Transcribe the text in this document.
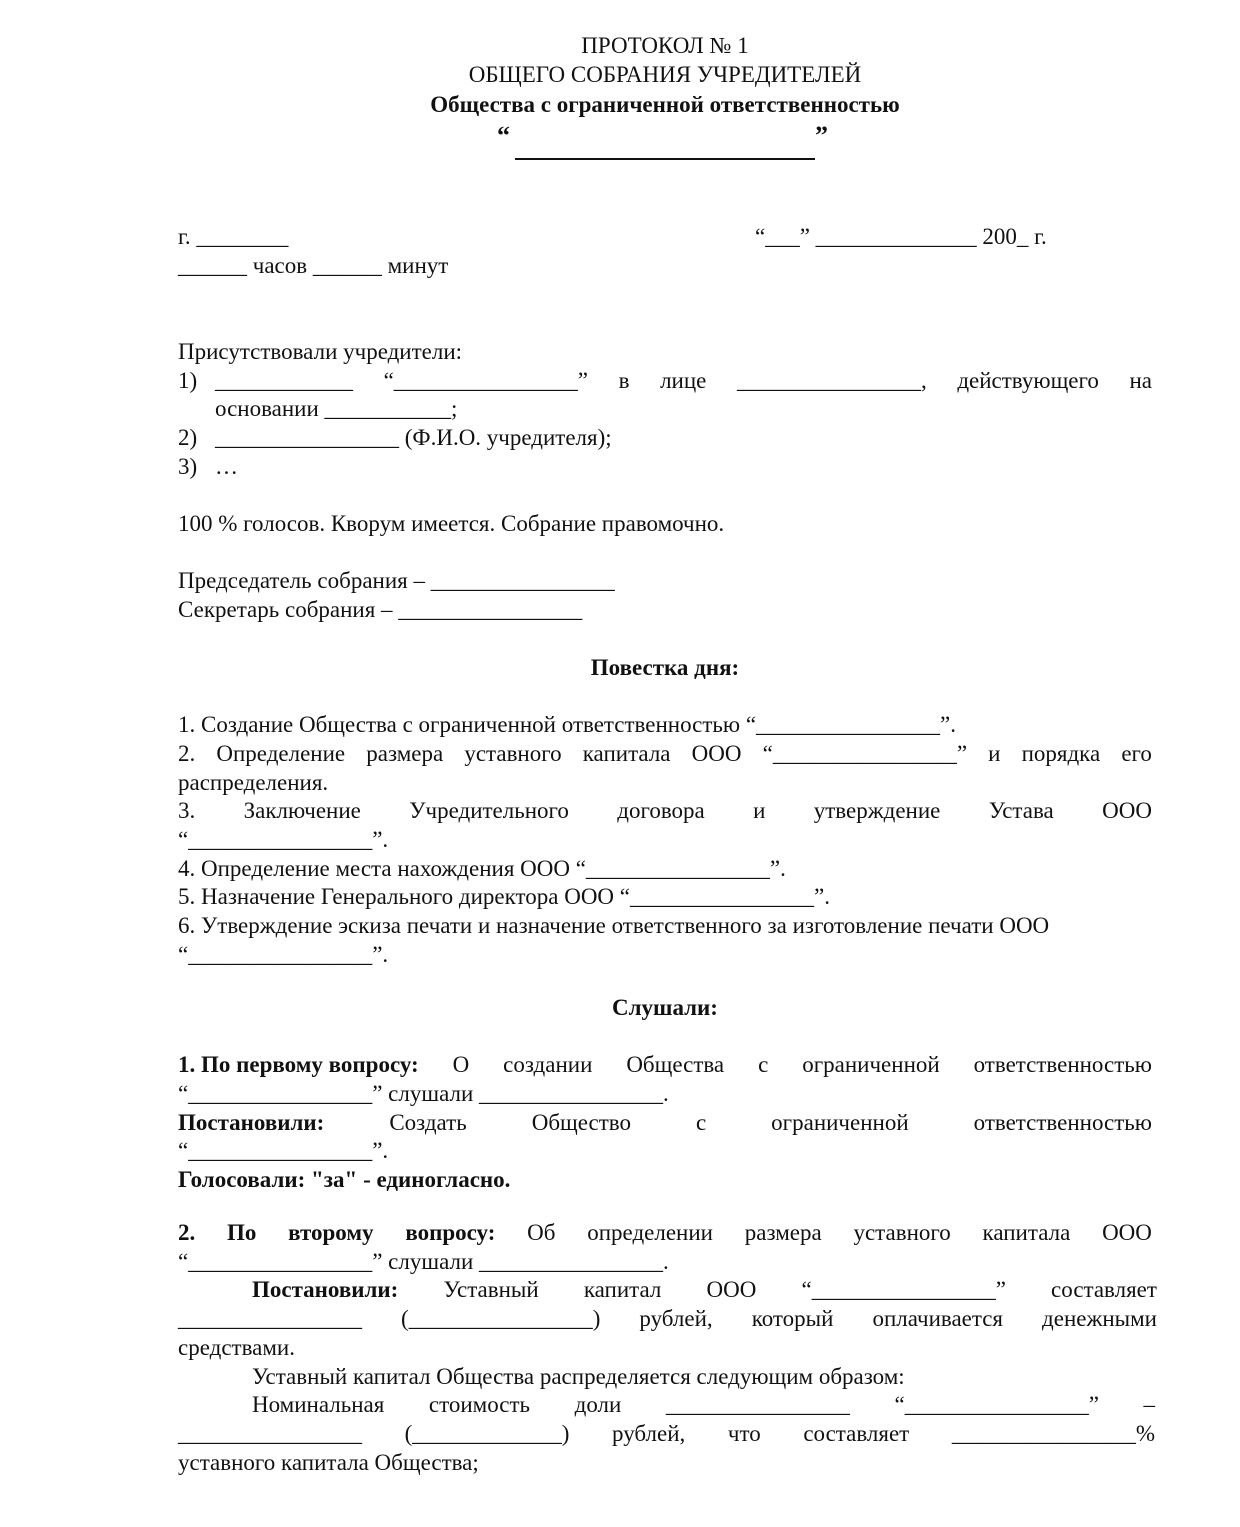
ПРОТОКОЛ № 1
ОБЩЕГО СОБРАНИЯ УЧРЕДИТЕЛЕЙ
Общества с ограниченной ответственностью
“	”
г. ________	“___” ______________ 200_ г.
______ часов ______ минут
Присутствовали учредители:
1) ____________ “________________” в лице ________________, действующего на
основании ___________;
2) ________________ (Ф.И.О. учредителя);
3) …
100 % голосов. Кворум имеется. Собрание правомочно.
Председатель собрания – ________________
Секретарь собрания – ________________
Повестка дня:
1. Создание Общества с ограниченной ответственностью “________________”.
2. Определение размера уставного капитала ООО “________________” и порядка его
распределения.
3. Заключение Учредительного договора и утверждение Устава ООО
“________________”.
4. Определение места нахождения ООО “________________”.
5. Назначение Генерального директора ООО “________________”.
6. Утверждение эскиза печати и назначение ответственного за изготовление печати ООО
“________________”.
Слушали:
1. По первому вопросу: О создании Общества с ограниченной ответственностью
“________________” слушали ________________.
Постановили:	Создать	Общество	с	ограниченной	ответственностью
“________________”.
Голосовали: "за" - единогласно.
2. По второму вопросу: Об определении размера уставного капитала ООО
“________________” слушали ________________.
Постановили: Уставный капитал ООО “________________” составляет
________________ (________________) рублей, который оплачивается денежными
средствами.
Уставный капитал Общества распределяется следующим образом:
Номинальная стоимость доли ________________ “________________” –
________________ (_____________) рублей, что составляет ________________%
уставного капитала Общества;
